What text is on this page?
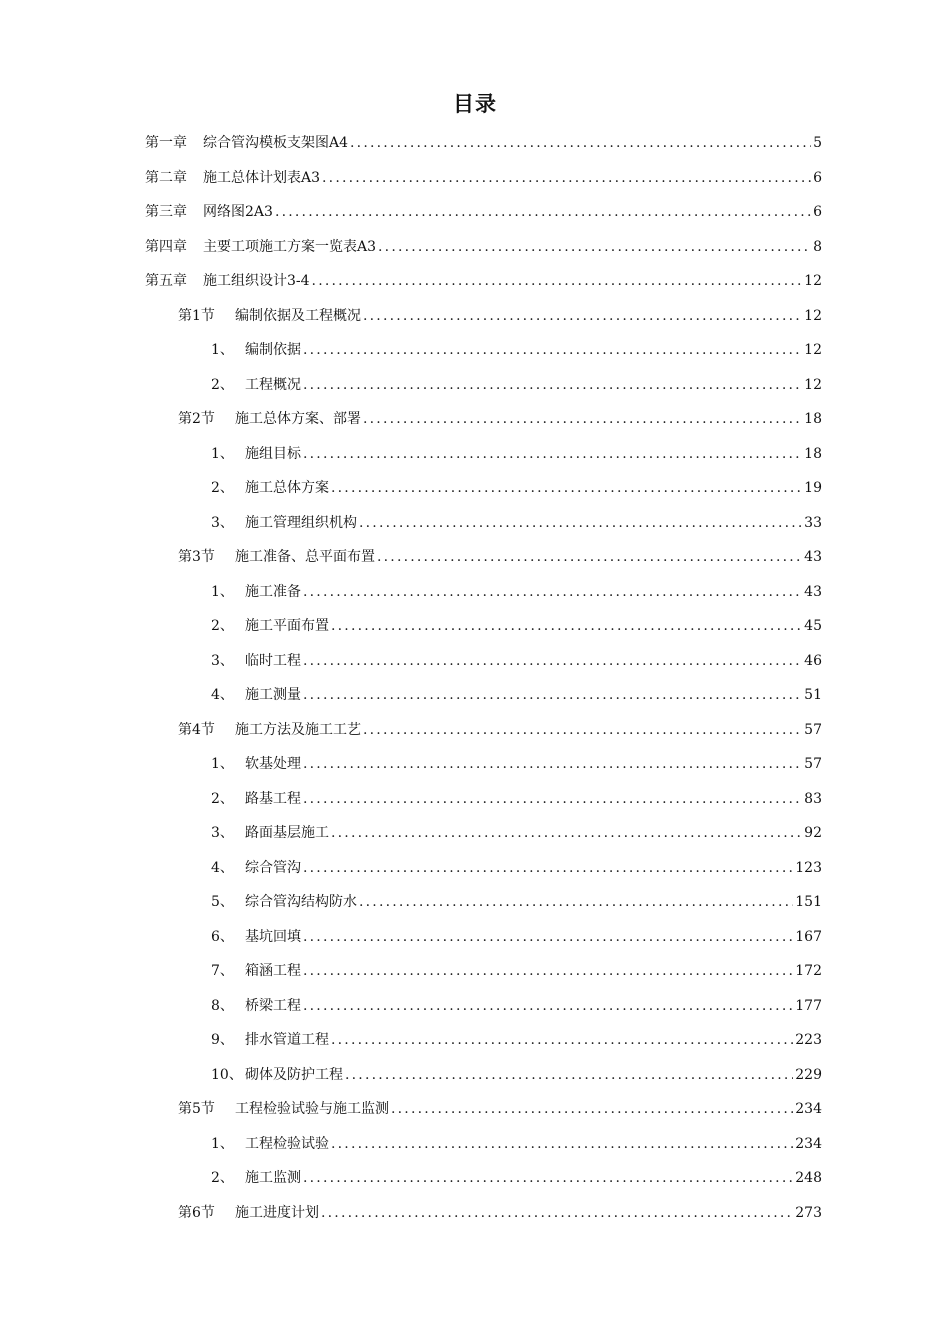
目录
第一章	综合管沟模板支架图A4 .....	5
第二章	施工总体计划表A3 .....	6
第三章	网络图2A3 .....	6
第四章	主要工项施工方案一览表A3 .....	8
第五章	施工组织设计3-4 .....	12
第1节	编制依据及工程概况 .....	12
1、 编制依据 .....	12
2、 工程概况 .....	12
第2节	施工总体方案、部署 .....	18
1、 施组目标 .....	18
2、 施工总体方案 .....	19
3、 施工管理组织机构 .....	33
第3节	施工准备、总平面布置 .....	43
1、 施工准备 .....	43
2、 施工平面布置 .....	45
3、 临时工程 .....	46
4、 施工测量 .....	51
第4节	施工方法及施工工艺 .....	57
1、 软基处理 .....	57
2、 路基工程 .....	83
3、 路面基层施工 .....	92
4、 综合管沟 .....	123
5、 综合管沟结构防水 .....	151
6、 基坑回填 .....	167
7、 箱涵工程 .....	172
8、 桥梁工程 .....	177
9、 排水管道工程 .....	223
10、 砌体及防护工程 .....	229
第5节	工程检验试验与施工监测 .....	234
1、 工程检验试验 .....	234
2、 施工监测 .....	248
第6节	施工进度计划 .....	273
